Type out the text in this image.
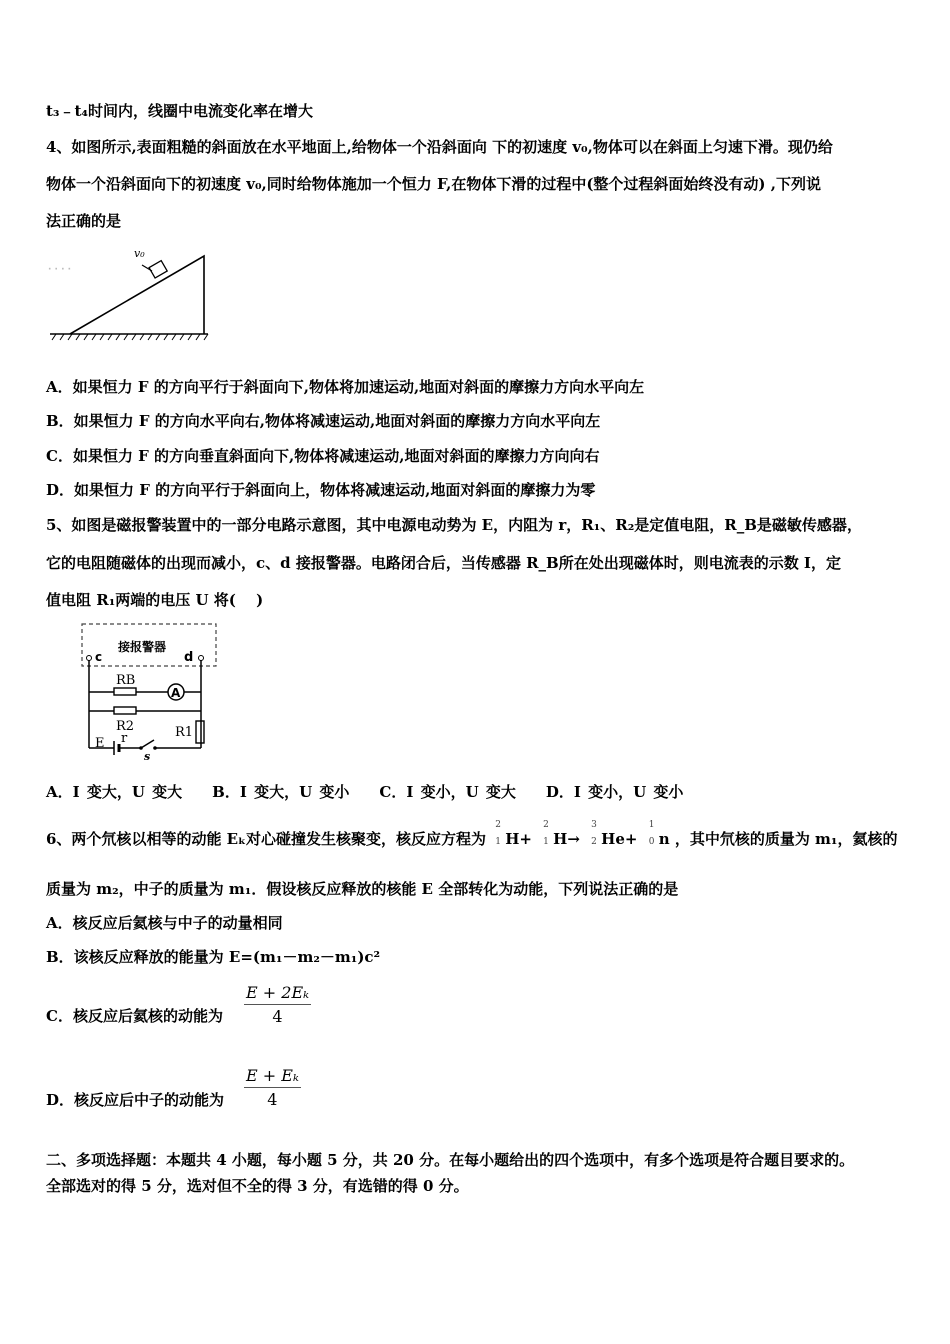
t₃﹣t₄时间内，线圈中电流变化率在增大
4、如图所示,表面粗糙的斜面放在水平地面上,给物体一个沿斜面向 下的初速度 v₀,物体可以在斜面上匀速下滑。现仍给
物体一个沿斜面向下的初速度 v₀,同时给物体施加一个恒力 F,在物体下滑的过程中(整个过程斜面始终没有动) ,下列说
法正确的是
· · · ·
v₀
A．如果恒力 F 的方向平行于斜面向下,物体将加速运动,地面对斜面的摩擦力方向水平向左
B．如果恒力 F 的方向水平向右,物体将减速运动,地面对斜面的摩擦力方向水平向左
C．如果恒力 F 的方向垂直斜面向下,物体将减速运动,地面对斜面的摩擦力方向向右
D．如果恒力 F 的方向平行于斜面向上，物体将减速运动,地面对斜面的摩擦力为零
5、如图是磁报警装置中的一部分电路示意图，其中电源电动势为 E，内阻为 r，R₁、R₂是定值电阻，R_B是磁敏传感器，
它的电阻随磁体的出现而减小，c、d 接报警器。电路闭合后，当传感器 R_B所在处出现磁体时，则电流表的示数 I，定
值电阻 R₁两端的电压 U 将(　 )
接报警器
c	d
RB
A
R2	R1
E r
s
A．I 变大，U 变大　　B．I 变大，U 变小　　C．I 变小，U 变大　　D．I 变小，U 变小
6、两个氘核以相等的动能 Eₖ对心碰撞发生核聚变，核反应方程为
2
1 H+
2
1 H→
3
2 He+
1
0 n ，其中氘核的质量为 m₁，氦核的
质量为 m₂，中子的质量为 m₁．假设核反应释放的核能 E 全部转化为动能，下列说法正确的是
A．核反应后氦核与中子的动量相同
B．该核反应释放的能量为 E=(m₁－m₂－m₁)c²
C．核反应后氦核的动能为 $\frac{\text{E + 2Eₖ}}{4}$
D．核反应后中子的动能为 $\frac{\text{E + Eₖ}}{4}$
二、多项选择题：本题共 4 小题，每小题 5 分，共 20 分。在每小题给出的四个选项中，有多个选项是符合题目要求的。
全部选对的得 5 分，选对但不全的得 3 分，有选错的得 0 分。
